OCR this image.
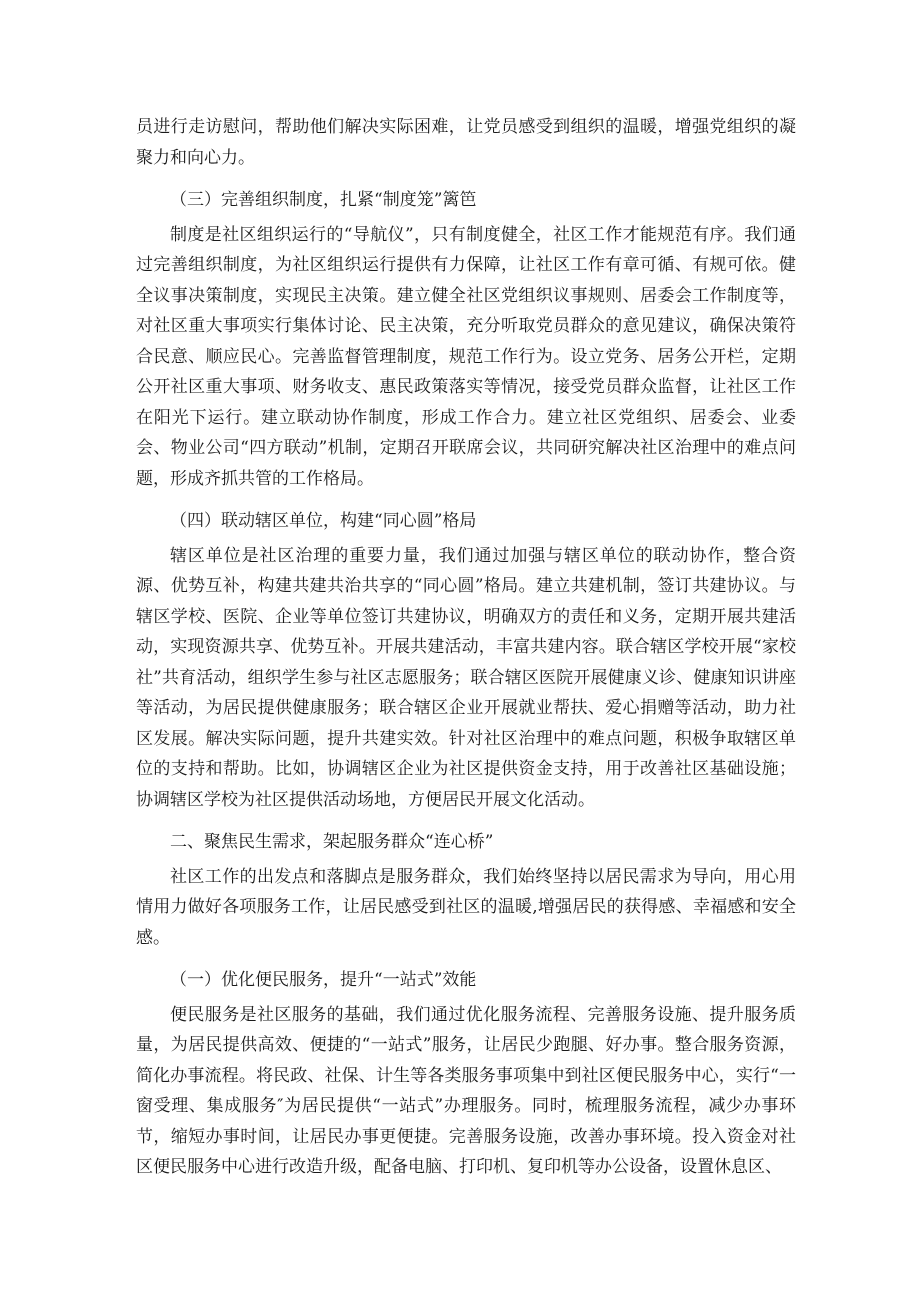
员进行走访慰问，帮助他们解决实际困难，让党员感受到组织的温暖，增强党组织的凝聚力和向心力。

（三）完善组织制度，扎紧“制度笼”篱笆

制度是社区组织运行的“导航仪”，只有制度健全，社区工作才能规范有序。我们通过完善组织制度，为社区组织运行提供有力保障，让社区工作有章可循、有规可依。健全议事决策制度，实现民主决策。建立健全社区党组织议事规则、居委会工作制度等，对社区重大事项实行集体讨论、民主决策，充分听取党员群众的意见建议，确保决策符合民意、顺应民心。完善监督管理制度，规范工作行为。设立党务、居务公开栏，定期公开社区重大事项、财务收支、惠民政策落实等情况，接受党员群众监督，让社区工作在阳光下运行。建立联动协作制度，形成工作合力。建立社区党组织、居委会、业委会、物业公司“四方联动”机制，定期召开联席会议，共同研究解决社区治理中的难点问题，形成齐抓共管的工作格局。

（四）联动辖区单位，构建“同心圆”格局

辖区单位是社区治理的重要力量，我们通过加强与辖区单位的联动协作，整合资源、优势互补，构建共建共治共享的“同心圆”格局。建立共建机制，签订共建协议。与辖区学校、医院、企业等单位签订共建协议，明确双方的责任和义务，定期开展共建活动，实现资源共享、优势互补。开展共建活动，丰富共建内容。联合辖区学校开展“家校社”共育活动，组织学生参与社区志愿服务；联合辖区医院开展健康义诊、健康知识讲座等活动，为居民提供健康服务；联合辖区企业开展就业帮扶、爱心捐赠等活动，助力社区发展。解决实际问题，提升共建实效。针对社区治理中的难点问题，积极争取辖区单位的支持和帮助。比如，协调辖区企业为社区提供资金支持，用于改善社区基础设施；协调辖区学校为社区提供活动场地，方便居民开展文化活动。

二、聚焦民生需求，架起服务群众“连心桥”

社区工作的出发点和落脚点是服务群众，我们始终坚持以居民需求为导向，用心用情用力做好各项服务工作，让居民感受到社区的温暖,增强居民的获得感、幸福感和安全感。

（一）优化便民服务，提升“一站式”效能

便民服务是社区服务的基础，我们通过优化服务流程、完善服务设施、提升服务质量，为居民提供高效、便捷的“一站式”服务，让居民少跑腿、好办事。整合服务资源，简化办事流程。将民政、社保、计生等各类服务事项集中到社区便民服务中心，实行“一窗受理、集成服务″为居民提供“一站式”办理服务。同时，梳理服务流程，减少办事环节，缩短办事时间，让居民办事更便捷。完善服务设施，改善办事环境。投入资金对社区便民服务中心进行改造升级，配备电脑、打印机、复印机等办公设备，设置休息区、
